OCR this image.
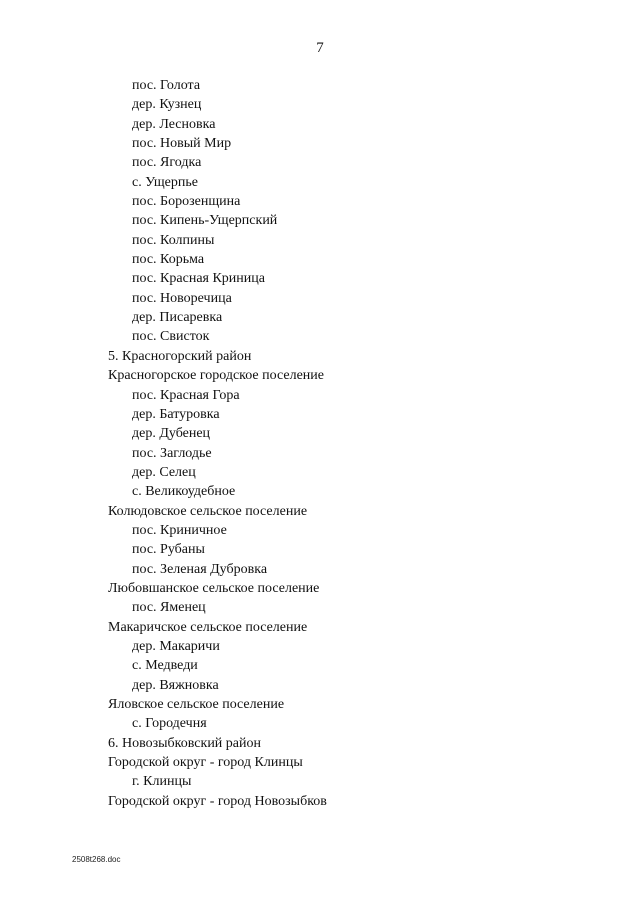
7
пос. Голота
дер. Кузнец
дер. Лесновка
пос. Новый Мир
пос. Ягодка
с. Ущерпье
пос. Борозенщина
пос. Кипень-Ущерпский
пос. Колпины
пос. Корьма
пос. Красная Криница
пос. Новоречица
дер. Писаревка
пос. Свисток
5. Красногорский район
Красногорское городское поселение
пос. Красная Гора
дер. Батуровка
дер. Дубенец
пос. Заглодье
дер. Селец
с. Великоудебное
Колюдовское сельское поселение
пос. Криничное
пос. Рубаны
пос. Зеленая Дубровка
Любовшанское сельское поселение
пос. Яменец
Макаричское сельское поселение
дер. Макаричи
с. Медведи
дер. Вяжновка
Яловское сельское поселение
с. Городечня
6. Новозыбковский район
Городской округ - город Клинцы
г. Клинцы
Городской округ - город Новозыбков
2508t268.doc
